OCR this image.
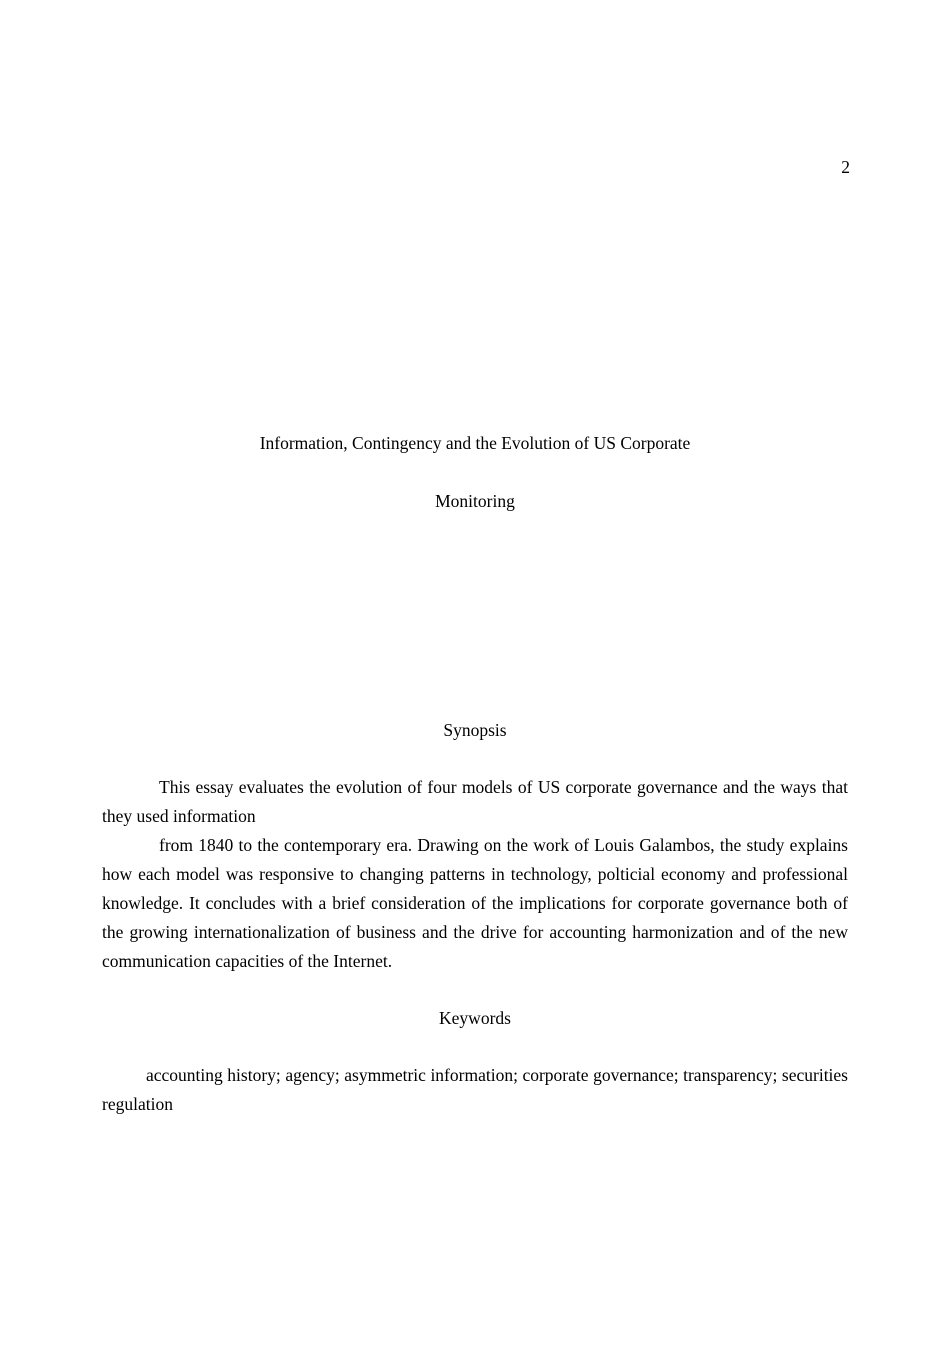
2
Information, Contingency and the Evolution of US Corporate
Monitoring
Synopsis
This essay evaluates the evolution of four models of US corporate governance and the ways that they used information
from 1840 to the contemporary era. Drawing on the work of Louis Galambos, the study explains how each model was responsive to changing patterns in technology, polticial economy and professional knowledge. It concludes with a brief consideration of the implications for corporate governance both of the growing internationalization of business and the drive for accounting harmonization and of the new communication capacities of the Internet.
Keywords
accounting history; agency; asymmetric information; corporate governance; transparency; securities regulation
